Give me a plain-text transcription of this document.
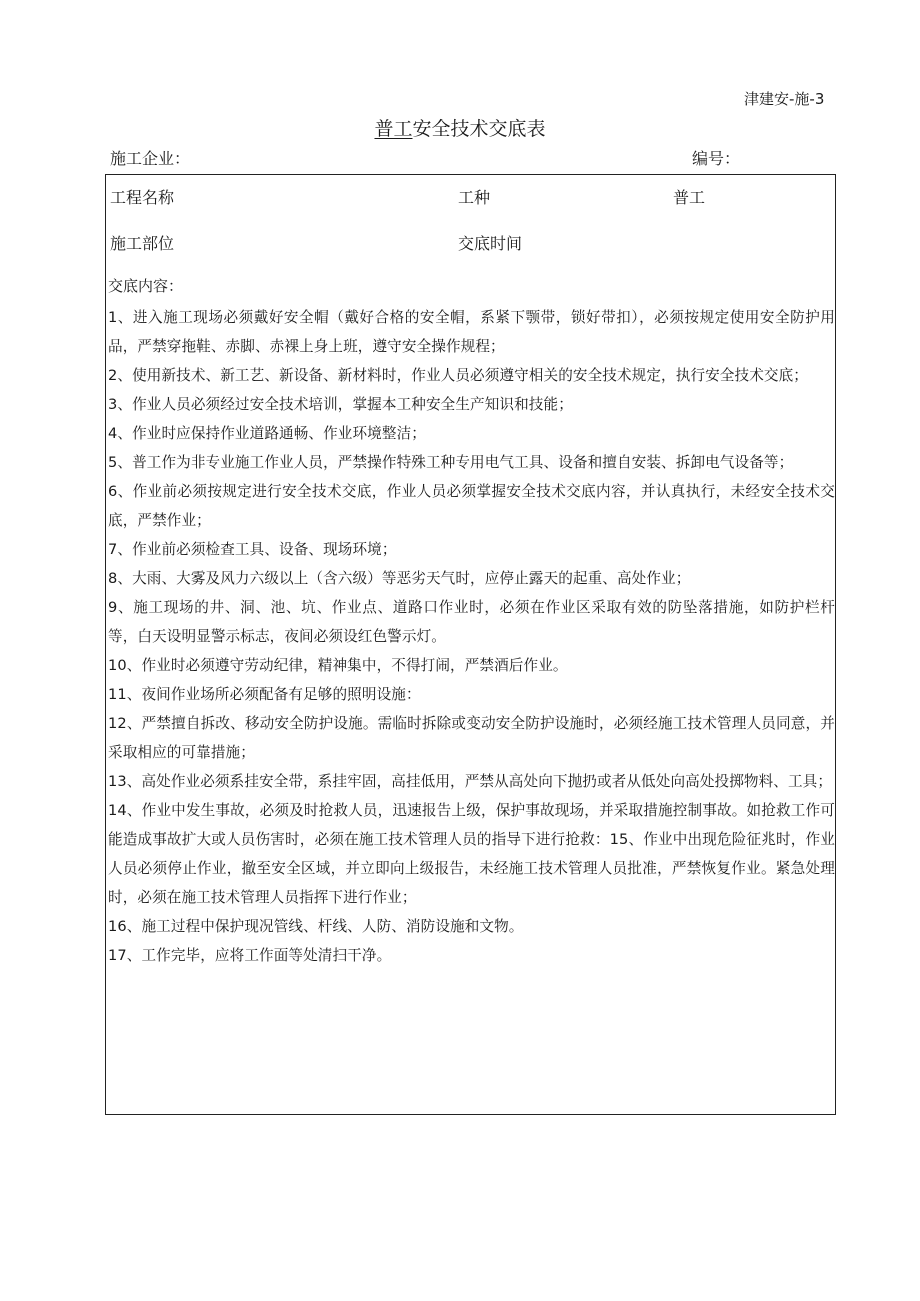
津建安-施-3
普工安全技术交底表
施工企业：	编号：
工程名称	工种	普工
施工部位	交底时间
交底内容：
1、进入施工现场必须戴好安全帽（戴好合格的安全帽，系紧下颚带，锁好带扣），必须按规定使用安全防护用品，严禁穿拖鞋、赤脚、赤裸上身上班，遵守安全操作规程；
2、使用新技术、新工艺、新设备、新材料时，作业人员必须遵守相关的安全技术规定，执行安全技术交底；
3、作业人员必须经过安全技术培训，掌握本工种安全生产知识和技能；
4、作业时应保持作业道路通畅、作业环境整洁；
5、普工作为非专业施工作业人员，严禁操作特殊工种专用电气工具、设备和擅自安装、拆卸电气设备等；
6、作业前必须按规定进行安全技术交底，作业人员必须掌握安全技术交底内容，并认真执行，未经安全技术交底，严禁作业；
7、作业前必须检查工具、设备、现场环境；
8、大雨、大雾及风力六级以上（含六级）等恶劣天气时，应停止露天的起重、高处作业；
9、施工现场的井、洞、池、坑、作业点、道路口作业时，必须在作业区采取有效的防坠落措施，如防护栏杆等，白天设明显警示标志，夜间必须设红色警示灯。
10、作业时必须遵守劳动纪律，精神集中，不得打闹，严禁酒后作业。
11、夜间作业场所必须配备有足够的照明设施：
12、严禁擅自拆改、移动安全防护设施。需临时拆除或变动安全防护设施时，必须经施工技术管理人员同意，并采取相应的可靠措施；
13、高处作业必须系挂安全带，系挂牢固，高挂低用，严禁从高处向下抛扔或者从低处向高处投掷物料、工具；
14、作业中发生事故，必须及时抢救人员，迅速报告上级，保护事故现场，并采取措施控制事故。如抢救工作可能造成事故扩大或人员伤害时，必须在施工技术管理人员的指导下进行抢救：15、作业中出现危险征兆时，作业人员必须停止作业，撤至安全区域，并立即向上级报告，未经施工技术管理人员批准，严禁恢复作业。紧急处理时，必须在施工技术管理人员指挥下进行作业；
16、施工过程中保护现况管线、杆线、人防、消防设施和文物。
17、工作完毕，应将工作面等处清扫干净。
